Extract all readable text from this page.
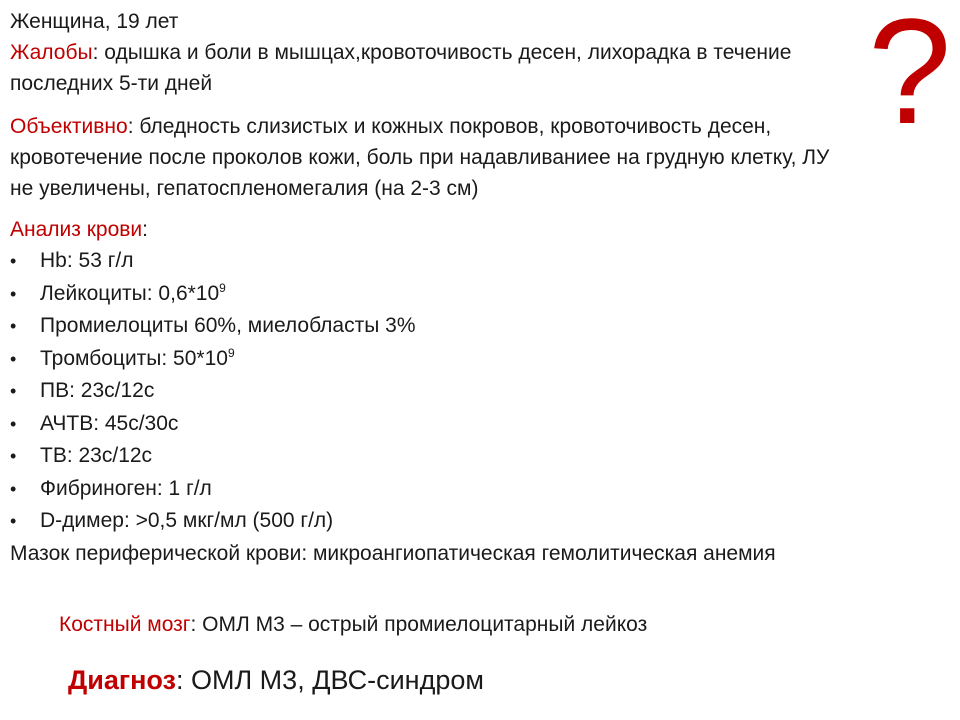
?
Женщина, 19 лет
Жалобы: одышка и боли в мышцах,кровоточивость десен, лихорадка в течение последних 5-ти дней
Объективно: бледность слизистых и кожных покровов, кровоточивость десен, кровотечение после проколов кожи, боль при надавливаниее на грудную клетку, ЛУ не увеличены, гепатоспленомегалия (на 2-3 см)
Анализ крови:
• Hb: 53 г/л
• Лейкоциты: $0,6*10^9$
• Промиелоциты 60%, миелобласты 3%
• Тромбоциты: $50*10^9$
• ПВ: 23с/12с
• АЧТВ: 45с/30с
• ТВ: 23с/12с
• Фибриноген: 1 г/л
• D-димер: >0,5 мкг/мл (500 г/л)
Мазок периферической крови: микроангиопатическая гемолитическая анемия
Костный мозг: ОМЛ М3 – острый промиелоцитарный лейкоз
Диагноз: ОМЛ М3, ДВС-синдром
